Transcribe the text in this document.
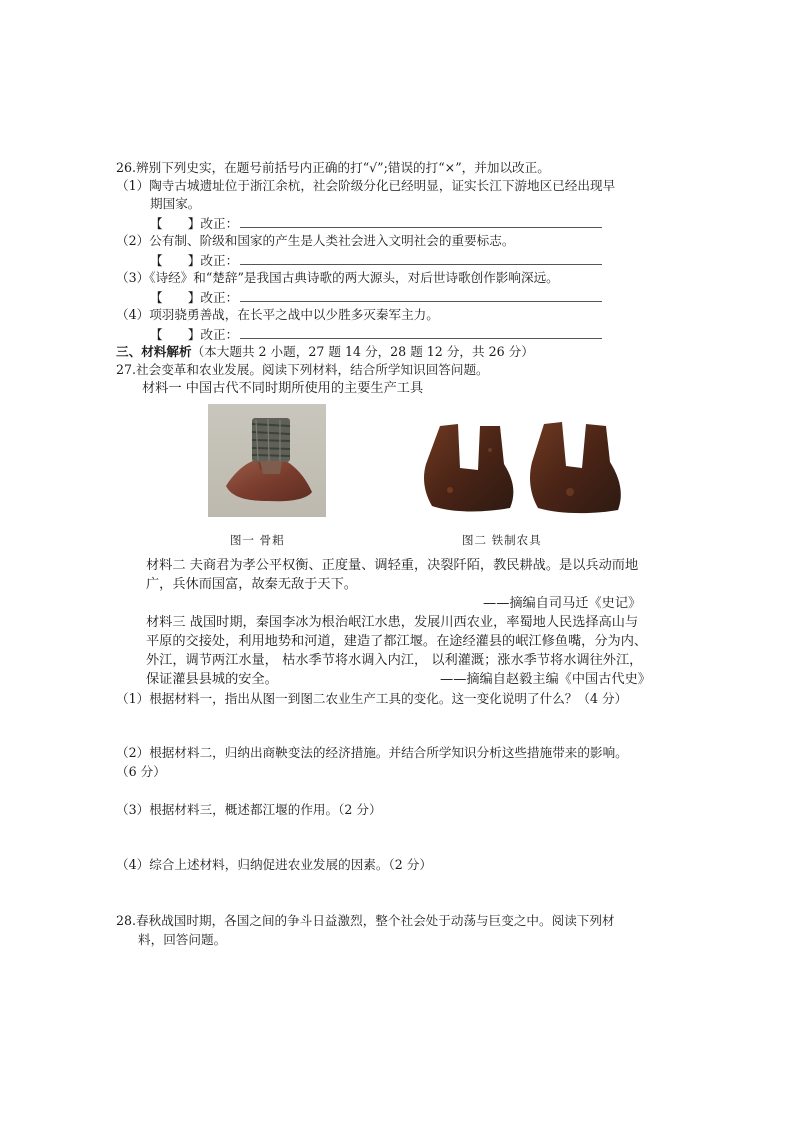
26.辨别下列史实，在题号前括号内正确的打“√”;错误的打“×”，并加以改正。
（1）陶寺古城遗址位于浙江余杭，社会阶级分化已经明显，证实长江下游地区已经出现早
期国家。
【　　】改正：
（2）公有制、阶级和国家的产生是人类社会进入文明社会的重要标志。
【　　】改正：
（3）《诗经》和“楚辞”是我国古典诗歌的两大源头，对后世诗歌创作影响深远。
【　　】改正：
（4）项羽骁勇善战，在长平之战中以少胜多灭秦军主力。
【　　】改正：
三、材料解析（本大题共 2 小题，27 题 14 分，28 题 12 分，共 26 分）
27.社会变革和农业发展。阅读下列材料，结合所学知识回答问题。
材料一 中国古代不同时期所使用的主要生产工具
图一 骨耜	图二 铁制农具
材料二 夫商君为孝公平权衡、正度量、调轻重，决裂阡陌，教民耕战。是以兵动而地
广，兵休而国富，故秦无敌于天下。
——摘编自司马迁《史记》
材料三 战国时期，秦国李冰为根治岷江水患，发展川西农业，率蜀地人民选择高山与
平原的交接处，利用地势和河道，建造了都江堰。在途经灌县的岷江修鱼嘴，分为内、
外江，调节两江水量， 枯水季节将水调入内江， 以利灌溉；涨水季节将水调往外江，
保证灌县县城的安全。	——摘编自赵毅主编《中国古代史》
（1）根据材料一，指出从图一到图二农业生产工具的变化。这一变化说明了什么？（4 分）
（2）根据材料二，归纳出商鞅变法的经济措施。并结合所学知识分析这些措施带来的影响。
（6 分）
（3）根据材料三，概述都江堰的作用。（2 分）
（4）综合上述材料，归纳促进农业发展的因素。（2 分）
28.春秋战国时期，各国之间的争斗日益激烈，整个社会处于动荡与巨变之中。阅读下列材
料，回答问题。
